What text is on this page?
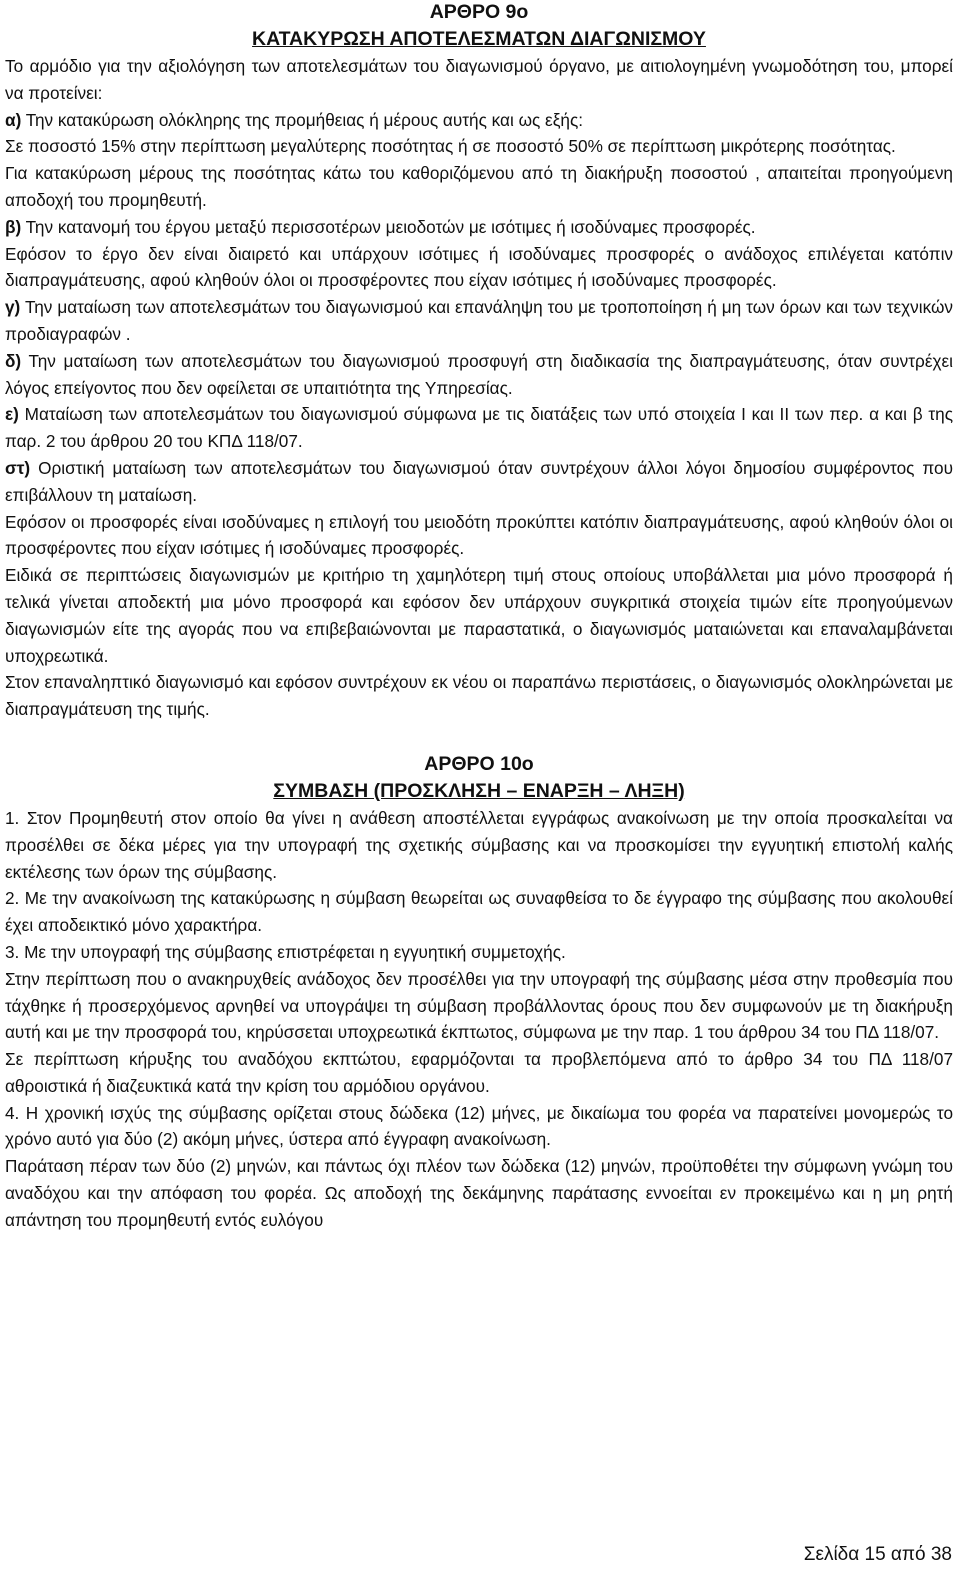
ΑΡΘΡΟ 9ο
ΚΑΤΑΚΥΡΩΣΗ ΑΠΟΤΕΛΕΣΜΑΤΩΝ ΔΙΑΓΩΝΙΣΜΟΥ

Το αρμόδιο για την αξιολόγηση των αποτελεσμάτων του διαγωνισμού όργανο, με αιτιολογημένη γνωμοδότηση του, μπορεί να προτείνει:

α) Την κατακύρωση ολόκληρης της προμήθειας ή μέρους αυτής και ως εξής:

Σε ποσοστό 15% στην περίπτωση μεγαλύτερης ποσότητας ή σε ποσοστό 50% σε περίπτωση μικρότερης ποσότητας.

Για κατακύρωση μέρους της ποσότητας κάτω του καθοριζόμενου από τη διακήρυξη ποσοστού , απαιτείται προηγούμενη αποδοχή του προμηθευτή.

β) Την κατανομή του έργου μεταξύ περισσοτέρων μειοδοτών με ισότιμες ή ισοδύναμες προσφορές.

Εφόσον το έργο δεν είναι διαιρετό και υπάρχουν ισότιμες ή ισοδύναμες προσφορές ο ανάδοχος επιλέγεται κατόπιν διαπραγμάτευσης, αφού κληθούν όλοι οι προσφέροντες που είχαν ισότιμες ή ισοδύναμες προσφορές.

γ) Την ματαίωση των αποτελεσμάτων του διαγωνισμού και επανάληψη του με τροποποίηση ή μη των όρων και των τεχνικών προδιαγραφών .

δ) Την ματαίωση των αποτελεσμάτων του διαγωνισμού προσφυγή στη διαδικασία της διαπραγμάτευσης, όταν συντρέχει λόγος επείγοντος που δεν οφείλεται σε υπαιτιότητα της Υπηρεσίας.

ε) Ματαίωση των αποτελεσμάτων του διαγωνισμού σύμφωνα με τις διατάξεις των υπό στοιχεία I και II των περ. α και β της παρ. 2 του άρθρου 20 του ΚΠΔ 118/07.

στ) Οριστική ματαίωση των αποτελεσμάτων του διαγωνισμού όταν συντρέχουν άλλοι λόγοι δημοσίου συμφέροντος που επιβάλλουν τη ματαίωση.

Εφόσον οι προσφορές είναι ισοδύναμες η επιλογή του μειοδότη προκύπτει κατόπιν διαπραγμάτευσης, αφού κληθούν όλοι οι προσφέροντες που είχαν ισότιμες ή ισοδύναμες προσφορές.

Ειδικά σε περιπτώσεις διαγωνισμών με κριτήριο τη χαμηλότερη τιμή στους οποίους υποβάλλεται μια μόνο προσφορά ή τελικά γίνεται αποδεκτή μια μόνο προσφορά και εφόσον δεν υπάρχουν συγκριτικά στοιχεία τιμών είτε προηγούμενων διαγωνισμών είτε της αγοράς που να επιβεβαιώνονται με παραστατικά, ο διαγωνισμός ματαιώνεται και επαναλαμβάνεται υποχρεωτικά.

Στον επαναληπτικό διαγωνισμό και εφόσον συντρέχουν εκ νέου οι παραπάνω περιστάσεις, ο διαγωνισμός ολοκληρώνεται με διαπραγμάτευση της τιμής.

ΑΡΘΡΟ 10ο
ΣΥΜΒΑΣΗ (ΠΡΟΣΚΛΗΣΗ – ΕΝΑΡΞΗ – ΛΗΞΗ)

1. Στον Προμηθευτή στον οποίο θα γίνει η ανάθεση αποστέλλεται εγγράφως ανακοίνωση με την οποία προσκαλείται να προσέλθει σε δέκα μέρες για την υπογραφή της σχετικής σύμβασης και να προσκομίσει την εγγυητική επιστολή καλής εκτέλεσης των όρων της σύμβασης.

2. Με την ανακοίνωση της κατακύρωσης η σύμβαση θεωρείται ως συναφθείσα το δε έγγραφο της σύμβασης που ακολουθεί έχει αποδεικτικό μόνο χαρακτήρα.

3. Με την υπογραφή της σύμβασης επιστρέφεται η εγγυητική συμμετοχής.

Στην περίπτωση που ο ανακηρυχθείς ανάδοχος δεν προσέλθει για την υπογραφή της σύμβασης μέσα στην προθεσμία που τάχθηκε ή προσερχόμενος αρνηθεί να υπογράψει τη σύμβαση προβάλλοντας όρους που δεν συμφωνούν με τη διακήρυξη αυτή και με την προσφορά του, κηρύσσεται υποχρεωτικά έκπτωτος, σύμφωνα με την παρ. 1 του άρθρου 34 του ΠΔ 118/07.

Σε περίπτωση κήρυξης του αναδόχου εκπτώτου, εφαρμόζονται τα προβλεπόμενα από το άρθρο 34 του ΠΔ 118/07 αθροιστικά ή διαζευκτικά κατά την κρίση του αρμόδιου οργάνου.

4. Η χρονική ισχύς της σύμβασης ορίζεται στους δώδεκα (12) μήνες, με δικαίωμα του φορέα να παρατείνει μονομερώς το χρόνο αυτό για δύο (2) ακόμη μήνες, ύστερα από έγγραφη ανακοίνωση.

Παράταση πέραν των δύο (2) μηνών, και πάντως όχι πλέον των δώδεκα (12) μηνών, προϋποθέτει την σύμφωνη γνώμη του αναδόχου και την απόφαση του φορέα. Ως αποδοχή της δεκάμηνης παράτασης εννοείται εν προκειμένω και η μη ρητή απάντηση του προμηθευτή εντός ευλόγου

Σελίδα 15 από 38
